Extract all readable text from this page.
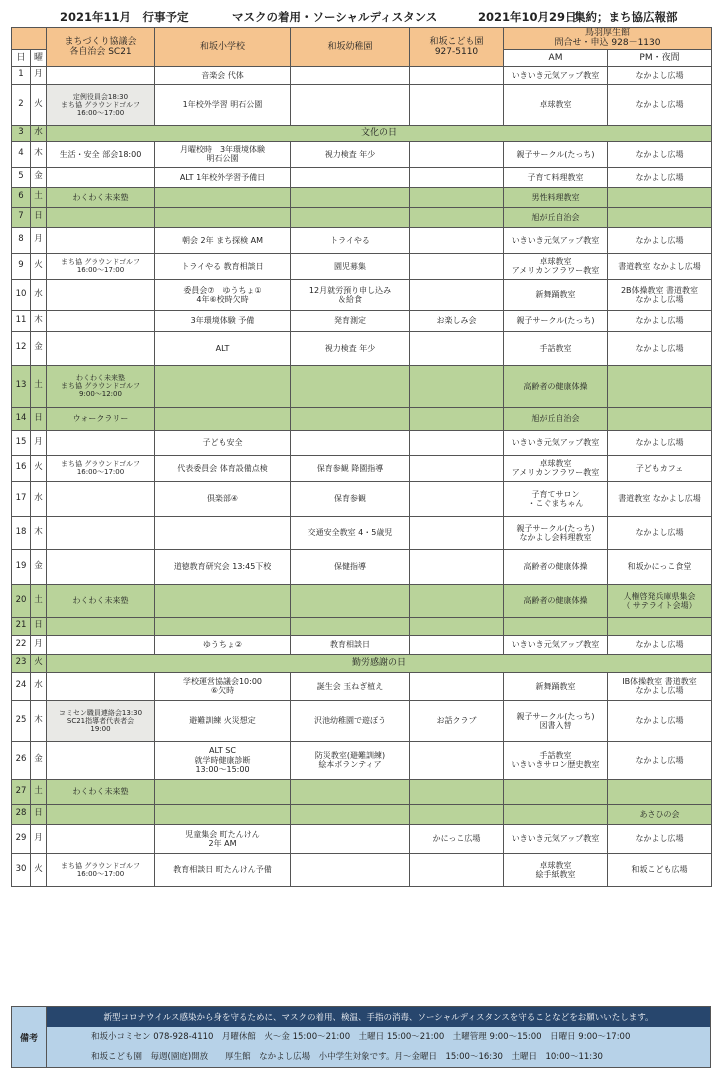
2021年11月　行事予定	マスクの着用・ソーシャルディスタンス	2021年10月29日
集約；まち協広報部
		まちづくり協議会
各自治会 SC21	和坂小学校	和坂幼稚園	和坂こども園
927-5110	鳥羽厚生館
問合せ・申込 928－1130	
日	曜					AM	PM・夜間
1	月		音楽会 代体			いきいき元気アップ教室	なかよし広場
2	火	定例役員会18:30
まち協 グラウンドゴルフ
16:00～17:00	1年校外学習 明石公園			卓球教室	なかよし広場
3	水	文化の日					
4	木	生活・安全 部会18:00	月曜校時　3年環境体験
明石公園	視力検査 年少		親子サークル(たっち)	なかよし広場
5	金		ALT 1年校外学習予備日			子育て料理教室	なかよし広場
6	土	わくわく未来塾				男性料理教室	
7	日					旭が丘自治会	
8	月		朝会 2年 まち探検 AM	トライやる		いきいき元気アップ教室	なかよし広場
9	火	まち協 グラウンドゴルフ
16:00～17:00	トライやる 教育相談日	園児募集		卓球教室
アメリカンフラワー教室	書道教室 なかよし広場
10	水		委員会⑦　ゆうちょ①
4年⑥校時欠時	12月就労預り申し込み
＆給食		新舞踊教室	2B体操教室 書道教室
なかよし広場
11	木		3年環境体験 予備	発育測定	お楽しみ会	親子サークル(たっち)	なかよし広場
12	金		ALT	視力検査 年少		手話教室	なかよし広場
13	土	わくわく未来塾
まち協 グラウンドゴルフ
9:00～12:00				高齢者の健康体操	
14	日	ウォークラリー				旭が丘自治会	
15	月		子ども安全			いきいき元気アップ教室	なかよし広場
16	火	まち協 グラウンドゴルフ
16:00～17:00	代表委員会 体育設備点検	保育参観 降園指導		卓球教室
アメリカンフラワー教室	子どもカフェ
17	水		倶楽部④	保育参観		子育てサロン
・こぐまちゃん	書道教室 なかよし広場
18	木			交通安全教室 4・5歳児		親子サークル(たっち)
なかよし会料理教室	なかよし広場
19	金		道徳教育研究会 13:45下校	保健指導		高齢者の健康体操	和坂かにっこ食堂
20	土	わくわく未来塾				高齢者の健康体操	人権啓発兵庫県集会
（ サテライト会場）
21	日						
22	月		ゆうちょ②	教育相談日		いきいき元気アップ教室	なかよし広場
23	火	勤労感謝の日					
24	水		学校運営協議会10:00
⑥欠時	誕生会 玉ねぎ植え		新舞踊教室	IB体操教室 書道教室
なかよし広場
25	木	コミセン職員連絡会13:30
SC21指導者代表者会
19:00	避難訓練 火災想定	沢池幼稚園で遊ぼう	お話クラブ	親子サークル(たっち)
図書入替	なかよし広場
26	金		ALT SC
就学時健康診断
13:00～15:00	防災教室(避難訓練)
絵本ボランティア		手話教室
いきいきサロン歴史教室	なかよし広場
27	土	わくわく未来塾					
28	日						あさひの会
29	月		児童集会 町たんけん
2年 AM		かにっこ広場	いきいき元気アップ教室	なかよし広場
30	火	まち協 グラウンドゴルフ
16:00～17:00	教育相談日 町たんけん予備			卓球教室
絵手紙教室	和坂こども広場
備考
新型コロナウイルス感染から身を守るために、マスクの着用、検温、手指の消毒、ソーシャルディスタンスを守ることなどをお願いいたします。
和坂小コミセン 078-928-4110　月曜休館　火～金 15:00～21:00　土曜日 15:00～21:00　土曜管理 9:00～15:00　日曜日 9:00～17:00
和坂こども園　毎週(園庭)開放　　厚生館　なかよし広場　小中学生対象です。月～金曜日　15:00～16:30　土曜日　10:00～11:30
